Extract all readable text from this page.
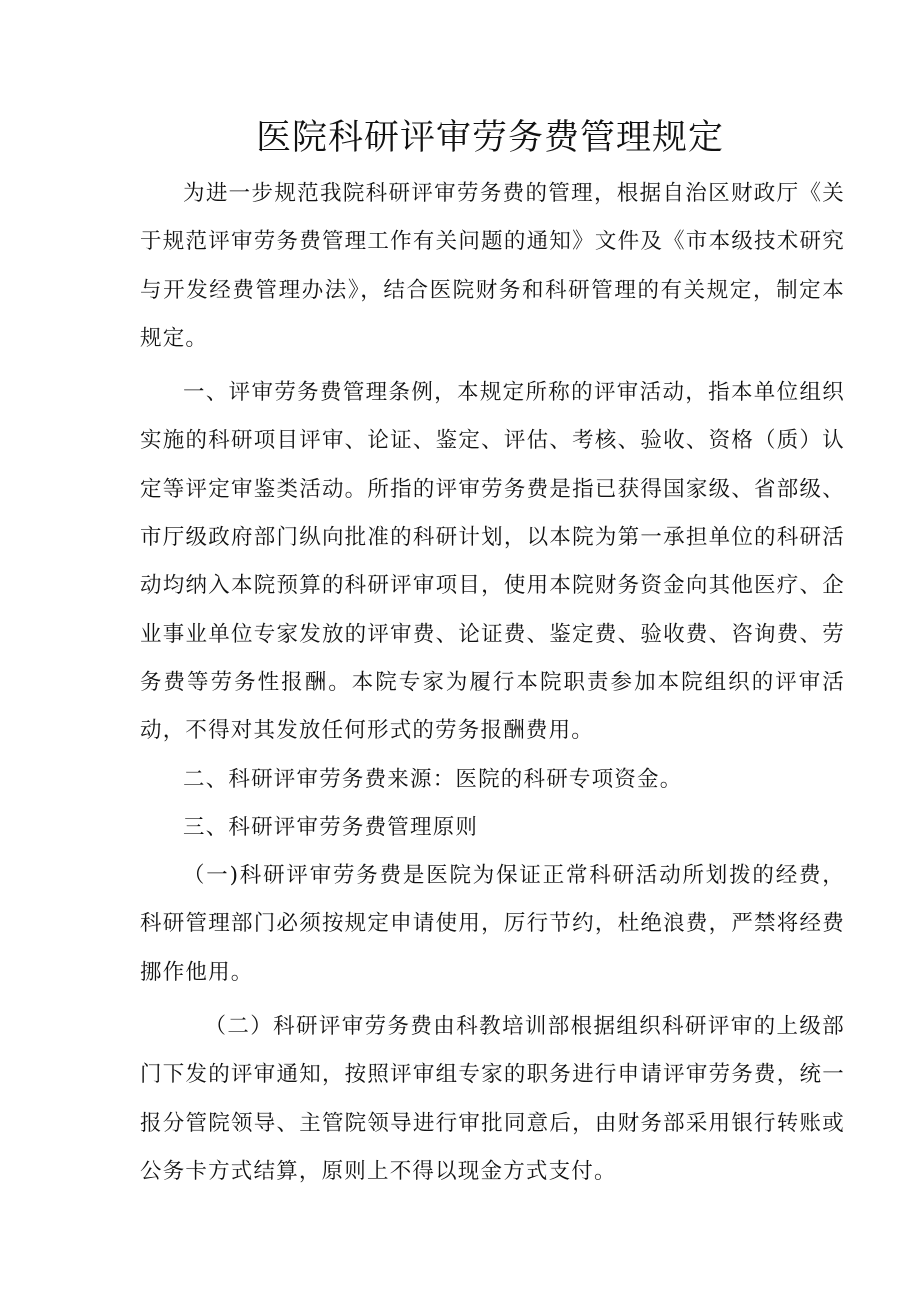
医院科研评审劳务费管理规定

为进一步规范我院科研评审劳务费的管理，根据自治区财政厅《关于规范评审劳务费管理工作有关问题的通知》文件及《市本级技术研究与开发经费管理办法》，结合医院财务和科研管理的有关规定，制定本规定。

一、评审劳务费管理条例，本规定所称的评审活动，指本单位组织实施的科研项目评审、论证、鉴定、评估、考核、验收、资格（质）认定等评定审鉴类活动。所指的评审劳务费是指已获得国家级、省部级、市厅级政府部门纵向批准的科研计划，以本院为第一承担单位的科研活动均纳入本院预算的科研评审项目，使用本院财务资金向其他医疗、企业事业单位专家发放的评审费、论证费、鉴定费、验收费、咨询费、劳务费等劳务性报酬。本院专家为履行本院职责参加本院组织的评审活动，不得对其发放任何形式的劳务报酬费用。

二、科研评审劳务费来源：医院的科研专项资金。

三、科研评审劳务费管理原则

（一)科研评审劳务费是医院为保证正常科研活动所划拨的经费，科研管理部门必须按规定申请使用，厉行节约，杜绝浪费，严禁将经费挪作他用。

（二）科研评审劳务费由科教培训部根据组织科研评审的上级部门下发的评审通知，按照评审组专家的职务进行申请评审劳务费，统一报分管院领导、主管院领导进行审批同意后，由财务部采用银行转账或公务卡方式结算，原则上不得以现金方式支付。
